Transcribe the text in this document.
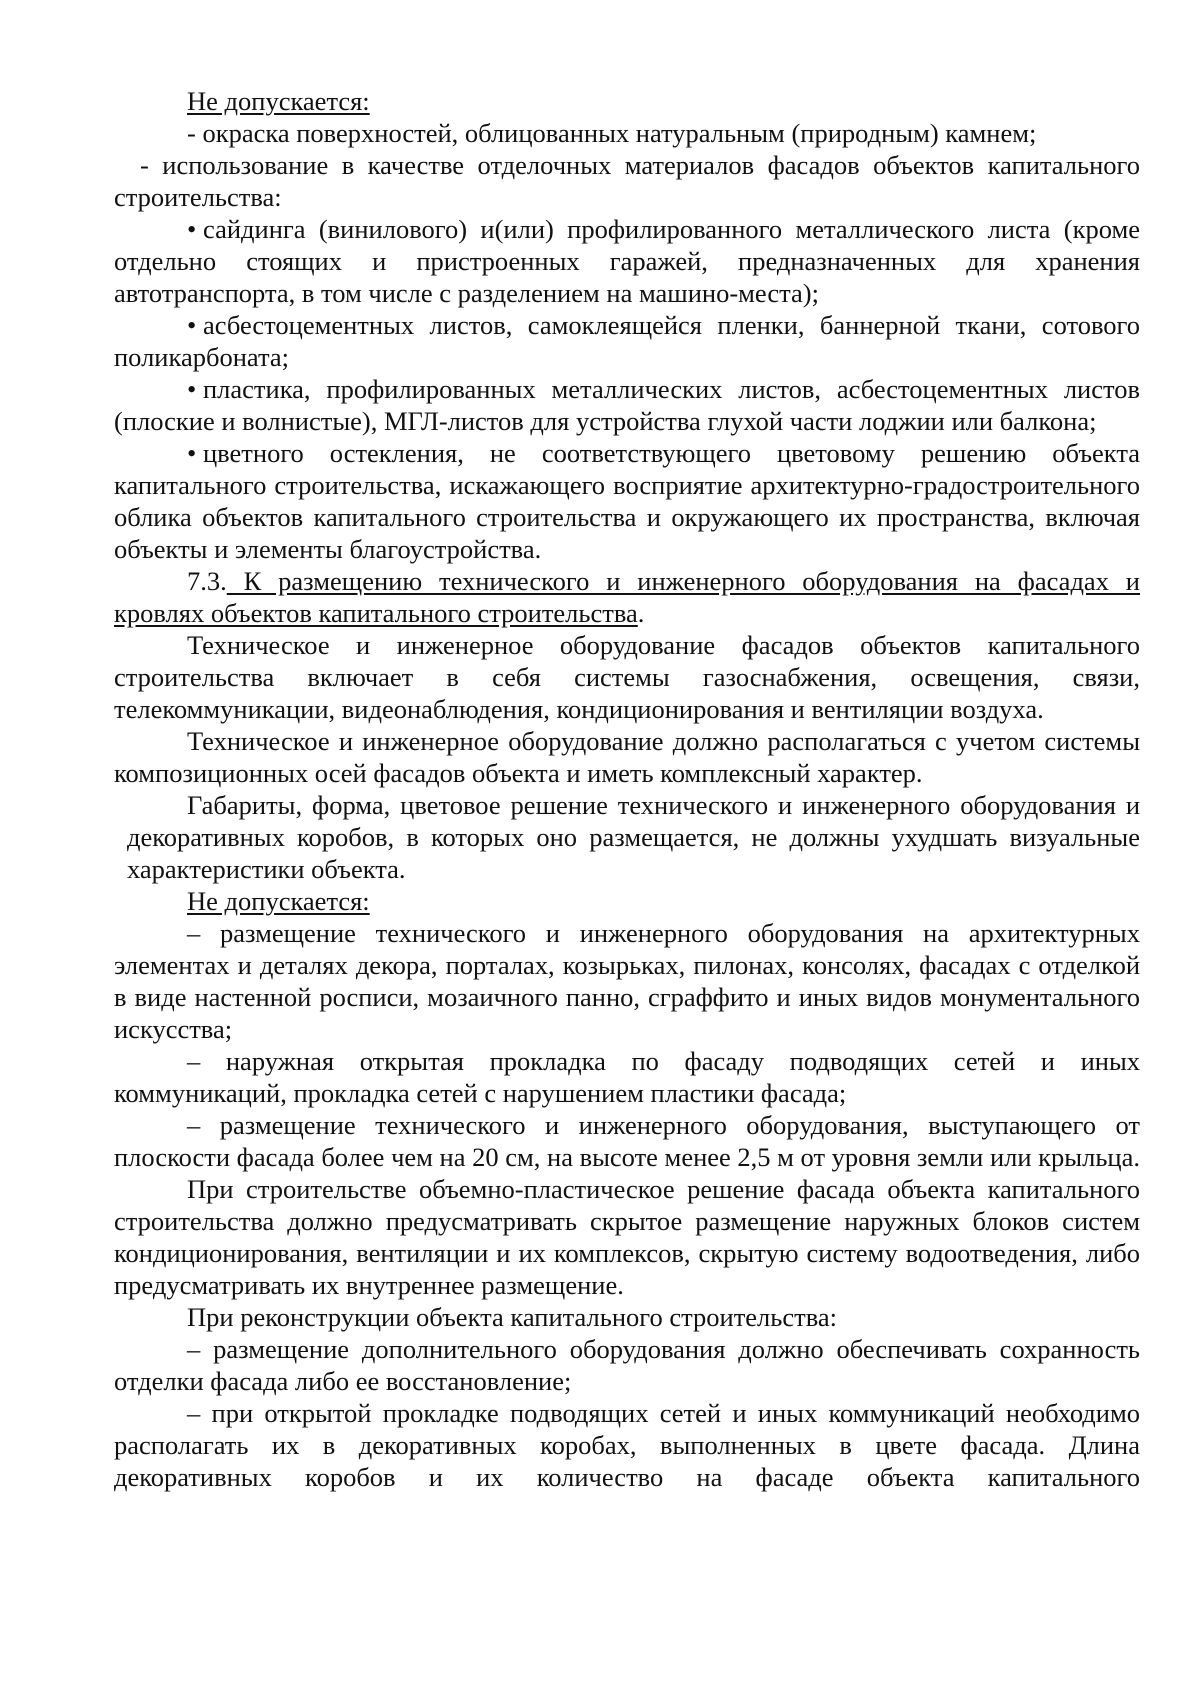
Не допускается:

- окраска поверхностей, облицованных натуральным (природным) камнем;

- использование в качестве отделочных материалов фасадов объектов капитального строительства:

• сайдинга (винилового) и(или) профилированного металлического листа (кроме отдельно стоящих и пристроенных гаражей, предназначенных для хранения автотранспорта, в том числе с разделением на машино-места);

• асбестоцементных листов, самоклеящейся пленки, баннерной ткани, сотового поликарбоната;

• пластика, профилированных металлических листов, асбестоцементных листов (плоские и волнистые), МГЛ-листов для устройства глухой части лоджии или балкона;

• цветного остекления, не соответствующего цветовому решению объекта капитального строительства, искажающего восприятие архитектурно-градостроительного облика объектов капитального строительства и окружающего их пространства, включая объекты и элементы благоустройства.

7.3. К размещению технического и инженерного оборудования на фасадах и кровлях объектов капитального строительства.

Техническое и инженерное оборудование фасадов объектов капитального строительства включает в себя системы газоснабжения, освещения, связи, телекоммуникации, видеонаблюдения, кондиционирования и вентиляции воздуха.

Техническое и инженерное оборудование должно располагаться с учетом системы композиционных осей фасадов объекта и иметь комплексный характер.

Габариты, форма, цветовое решение технического и инженерного оборудования и декоративных коробов, в которых оно размещается, не должны ухудшать визуальные характеристики объекта.

Не допускается:

– размещение технического и инженерного оборудования на архитектурных элементах и деталях декора, порталах, козырьках, пилонах, консолях, фасадах с отделкой в виде настенной росписи, мозаичного панно, сграффито и иных видов монументального искусства;

– наружная открытая прокладка по фасаду подводящих сетей и иных коммуникаций, прокладка сетей с нарушением пластики фасада;

– размещение технического и инженерного оборудования, выступающего от плоскости фасада более чем на 20 см, на высоте менее 2,5 м от уровня земли или крыльца.

При строительстве объемно-пластическое решение фасада объекта капитального строительства должно предусматривать скрытое размещение наружных блоков систем кондиционирования, вентиляции и их комплексов, скрытую систему водоотведения, либо предусматривать их внутреннее размещение.

При реконструкции объекта капитального строительства:

– размещение дополнительного оборудования должно обеспечивать сохранность отделки фасада либо ее восстановление;

– при открытой прокладке подводящих сетей и иных коммуникаций необходимо располагать их в декоративных коробах, выполненных в цвете фасада. Длина декоративных коробов и их количество на фасаде объекта капитального
